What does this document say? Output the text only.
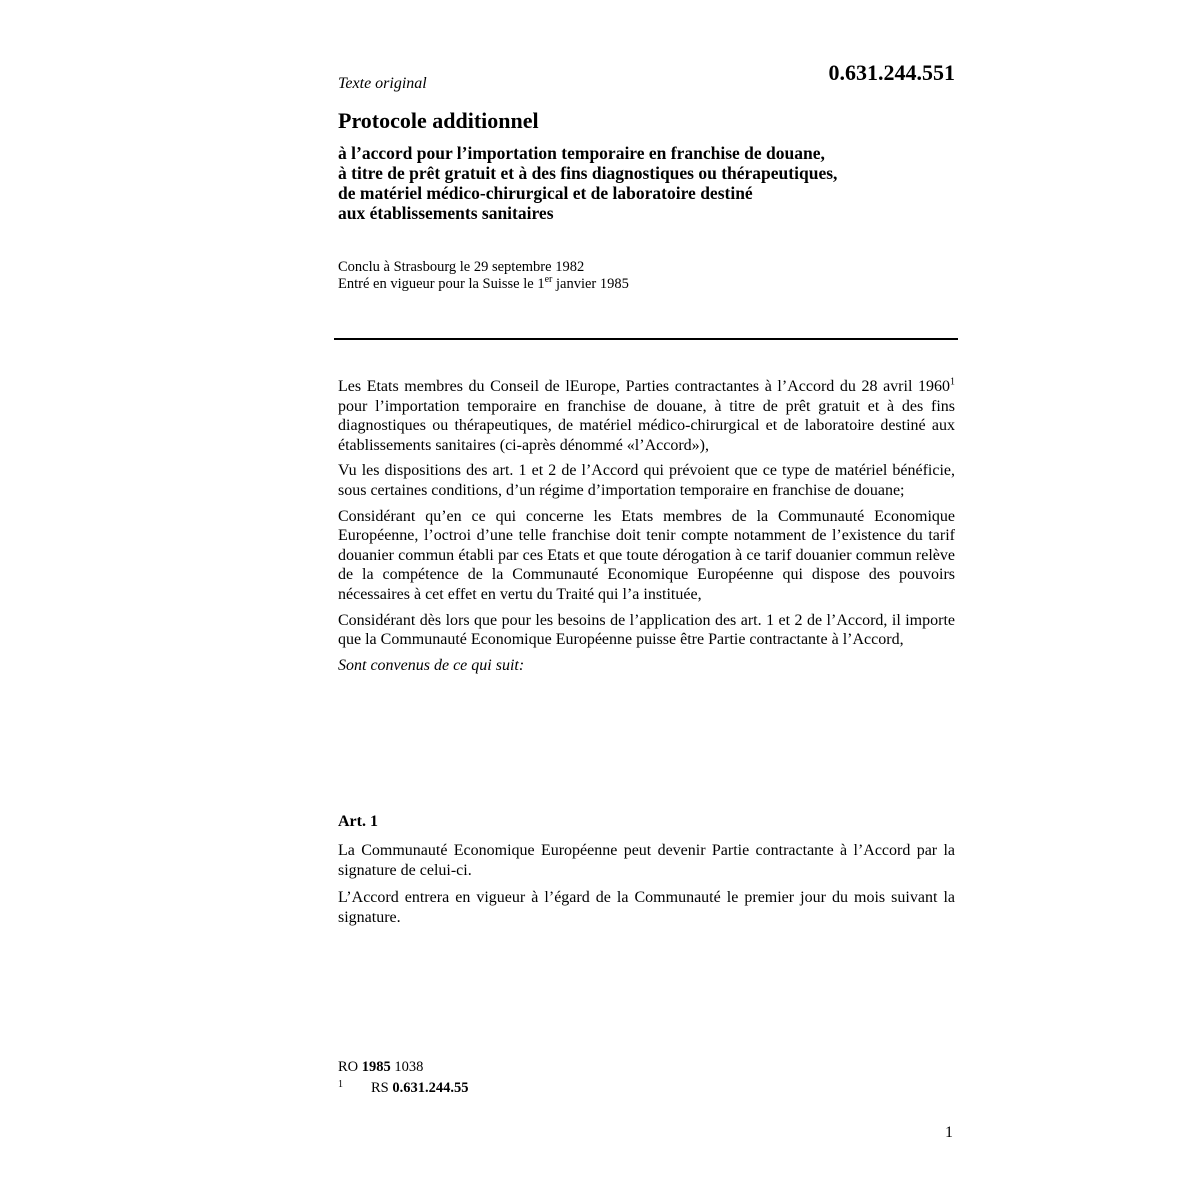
Texte original	0.631.244.551
Protocole additionnel
à l’accord pour l’importation temporaire en franchise de douane,
à titre de prêt gratuit et à des fins diagnostiques ou thérapeutiques,
de matériel médico-chirurgical et de laboratoire destiné
aux établissements sanitaires
Conclu à Strasbourg le 29 septembre 1982
Entré en vigueur pour la Suisse le 1er janvier 1985

Les Etats membres du Conseil de lEurope, Parties contractantes à l’Accord du 28 avril 1960$^1$ pour l’importation temporaire en franchise de douane, à titre de prêt gratuit et à des fins diagnostiques ou thérapeutiques, de matériel médico-chirurgical et de laboratoire destiné aux établissements sanitaires (ci-après dénommé «l’Accord»),

Vu les dispositions des art. 1 et 2 de l’Accord qui prévoient que ce type de matériel bénéficie, sous certaines conditions, d’un régime d’importation temporaire en franchise de douane;

Considérant qu’en ce qui concerne les Etats membres de la Communauté Economique Européenne, l’octroi d’une telle franchise doit tenir compte notamment de l’existence du tarif douanier commun établi par ces Etats et que toute dérogation à ce tarif douanier commun relève de la compétence de la Communauté Economique Européenne qui dispose des pouvoirs nécessaires à cet effet en vertu du Traité qui l’a instituée,

Considérant dès lors que pour les besoins de l’application des art. 1 et 2 de l’Accord, il importe que la Communauté Economique Européenne puisse être Partie contractante à l’Accord,

Sont convenus de ce qui suit:

Art. 1

La Communauté Economique Européenne peut devenir Partie contractante à l’Accord par la signature de celui-ci.

L’Accord entrera en vigueur à l’égard de la Communauté le premier jour du mois suivant la signature.

RO 1985 1038
1 RS 0.631.244.55
1
